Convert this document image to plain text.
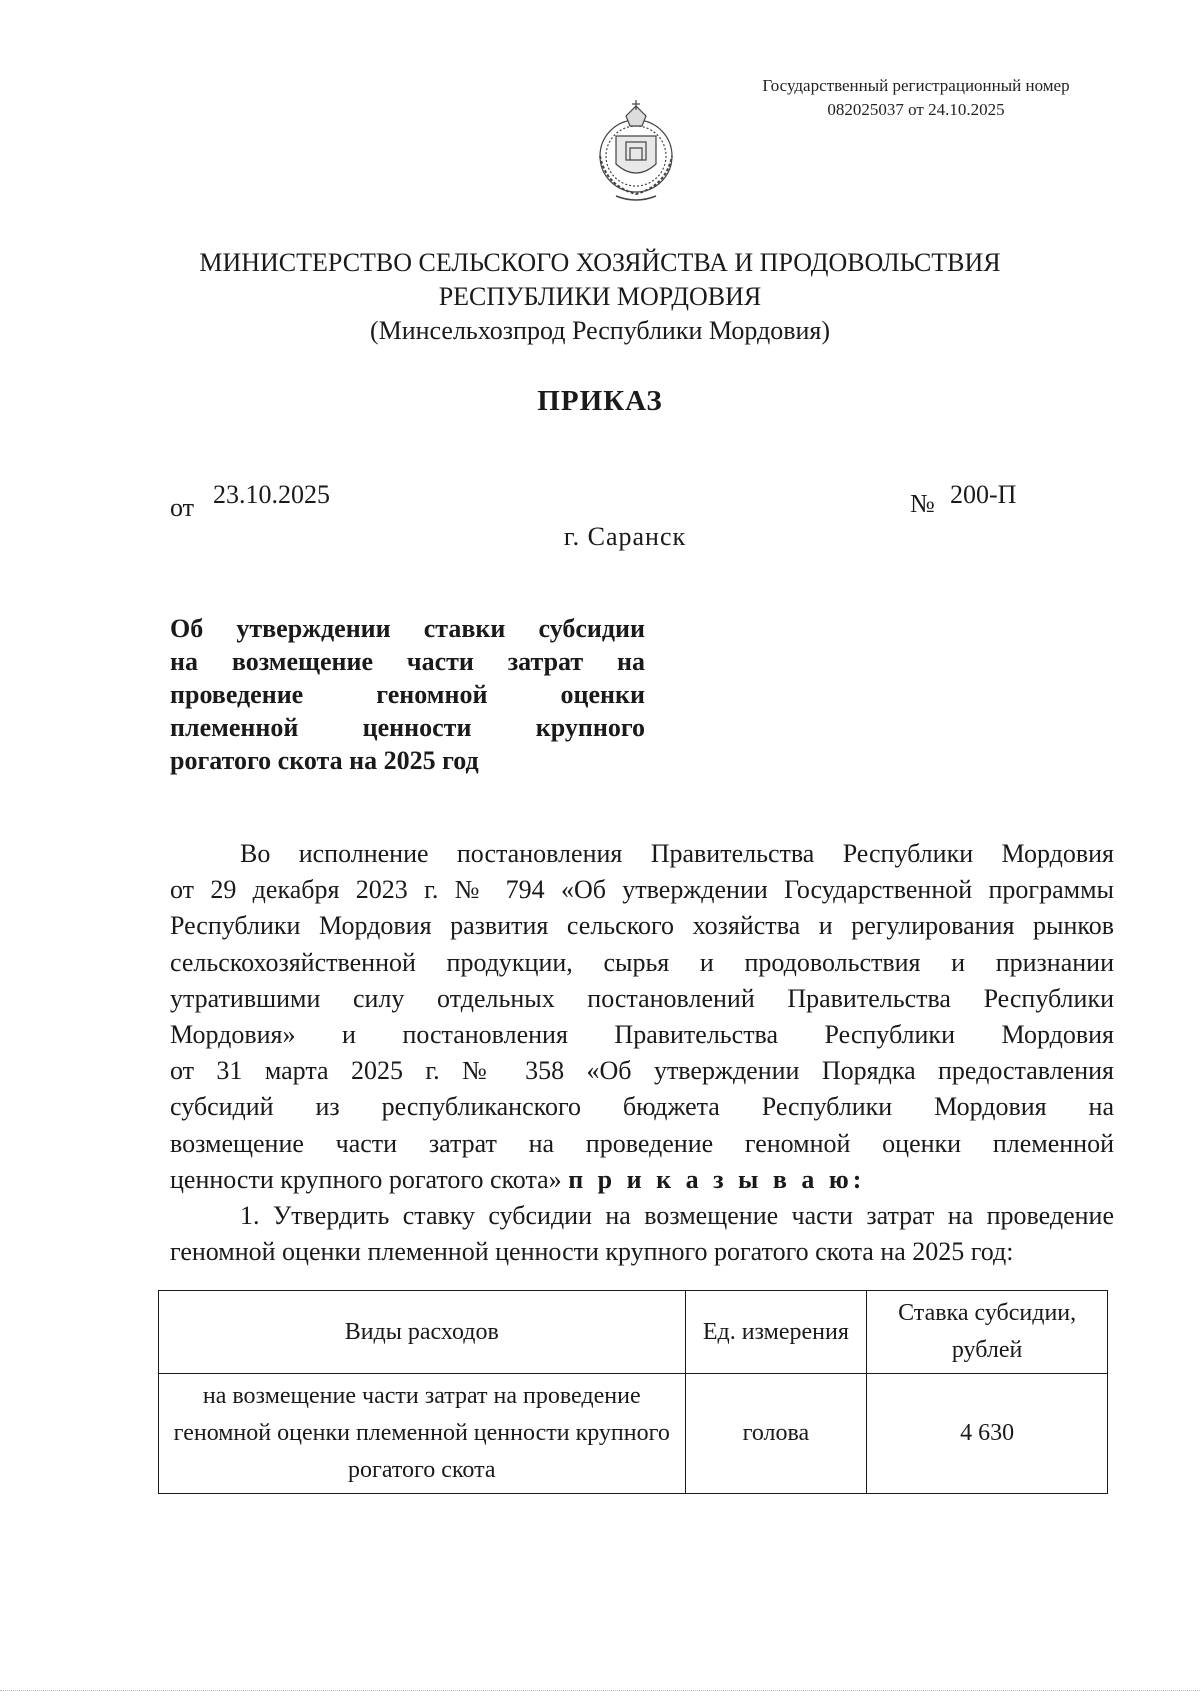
Государственный регистрационный номер
082025037 от 24.10.2025
МИНИСТЕРСТВО СЕЛЬСКОГО ХОЗЯЙСТВА И ПРОДОВОЛЬСТВИЯ
РЕСПУБЛИКИ МОРДОВИЯ
(Минсельхозпрод Республики Мордовия)
ПРИКАЗ
от 23.10.2025	№ 200-П
г. Саранск
Об утверждении ставки субсидии
на возмещение части затрат на
проведение геномной оценки
племенной ценности крупного
рогатого скота на 2025 год
Во исполнение постановления Правительства Республики Мордовия
от 29 декабря 2023 г. № 794 «Об утверждении Государственной программы
Республики Мордовия развития сельского хозяйства и регулирования рынков
сельскохозяйственной продукции, сырья и продовольствия и признании
утратившими силу отдельных постановлений Правительства Республики
Мордовия» и постановления Правительства Республики Мордовия
от 31 марта 2025 г. № 358 «Об утверждении Порядка предоставления
субсидий из республиканского бюджета Республики Мордовия на
возмещение части затрат на проведение геномной оценки племенной
ценности крупного рогатого скота» п р и к а з ы в а ю:
1. Утвердить ставку субсидии на возмещение части затрат на проведение
геномной оценки племенной ценности крупного рогатого скота на 2025 год:
Виды расходов	Ед. измерения	Ставка субсидии, рублей
на возмещение части затрат на проведение геномной оценки племенной ценности крупного рогатого скота	голова	4 630
